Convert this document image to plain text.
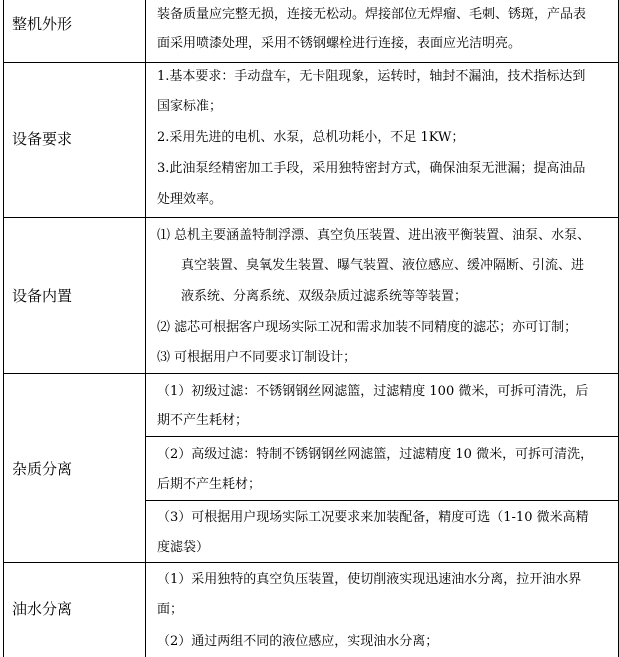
整机外形
装备质量应完整无损，连接无松动。焊接部位无焊瘤、毛刺、锈斑，产品表
面采用喷漆处理，采用不锈钢螺栓进行连接，表面应光洁明亮。
设备要求
1.基本要求：手动盘车，无卡阻现象，运转时，轴封不漏油，技术指标达到
国家标准；
2.采用先进的电机、水泵，总机功耗小，不足 1KW；
3.此油泵经精密加工手段，采用独特密封方式，确保油泵无泄漏；提高油品
处理效率。
设备内置
⑴ 总机主要涵盖特制浮漂、真空负压装置、进出液平衡装置、油泵、水泵、
真空装置、臭氧发生装置、曝气装置、液位感应、缓冲隔断、引流、进
液系统、分离系统、双级杂质过滤系统等等装置；
⑵ 滤芯可根据客户现场实际工况和需求加装不同精度的滤芯；亦可订制；
⑶ 可根据用户不同要求订制设计；
杂质分离
（1）初级过滤：不锈钢钢丝网滤篮，过滤精度 100 微米，可拆可清洗，后
期不产生耗材；
（2）高级过滤：特制不锈钢钢丝网滤篮，过滤精度 10 微米，可拆可清洗，
后期不产生耗材；
（3）可根据用户现场实际工况要求来加装配备，精度可选（1-10 微米高精
度滤袋）
油水分离
（1）采用独特的真空负压装置，使切削液实现迅速油水分离，拉开油水界
面；
（2）通过两组不同的液位感应，实现油水分离；
